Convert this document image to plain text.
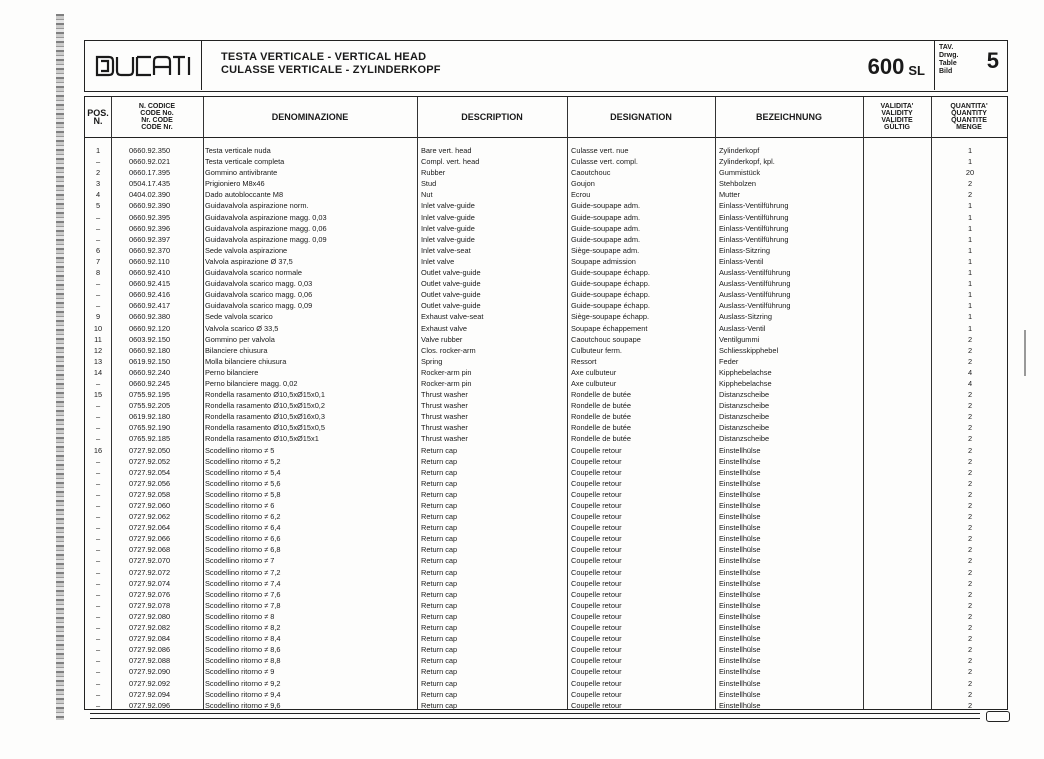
TESTA VERTICALE - VERTICAL HEAD
CULASSE VERTICALE - ZYLINDERKOPF	600 SL
TAV.
Drwg.
Table
Bild 5
POS.
N.
N. CODICE
CODE No.
Nr. CODE
CODE Nr.
DENOMINAZIONE	DESCRIPTION	DESIGNATION	BEZEICHNUNG
VALIDITA'
VALIDITY
VALIDITE
GÜLTIG
QUANTITA'
QUANTITY
QUANTITE
MENGE
1	0660.92.350	Testa verticale nuda	Bare vert. head	Culasse vert. nue	Zylinderkopf	1
–	0660.92.021	Testa verticale completa	Compl. vert. head	Culasse vert. compl.	Zylinderkopf, kpl.	1
2	0660.17.395	Gommino antivibrante	Rubber	Caoutchouc	Gummistück	20
3	0504.17.435	Prigioniero M8x46	Stud	Goujon	Stehbolzen	2
4	0404.02.390	Dado autobloccante M8	Nut	Ecrou	Mutter	2
5	0660.92.390	Guidavalvola aspirazione norm.	Inlet valve-guide	Guide-soupape adm.	Einlass-Ventilführung	1
–	0660.92.395	Guidavalvola aspirazione magg. 0,03	Inlet valve-guide	Guide-soupape adm.	Einlass-Ventilführung	1
–	0660.92.396	Guidavalvola aspirazione magg. 0,06	Inlet valve-guide	Guide-soupape adm.	Einlass-Ventilführung	1
–	0660.92.397	Guidavalvola aspirazione magg. 0,09	Inlet valve-guide	Guide-soupape adm.	Einlass-Ventilführung	1
6	0660.92.370	Sede valvola aspirazione	Inlet valve-seat	Siège-soupape adm.	Einlass-Sitzring	1
7	0660.92.110	Valvola aspirazione Ø 37,5	Inlet valve	Soupape admission	Einlass-Ventil	1
8	0660.92.410	Guidavalvola scarico normale	Outlet valve-guide	Guide-soupape échapp.	Auslass-Ventilführung	1
–	0660.92.415	Guidavalvola scarico magg. 0,03	Outlet valve-guide	Guide-soupape échapp.	Auslass-Ventilführung	1
–	0660.92.416	Guidavalvola scarico magg. 0,06	Outlet valve-guide	Guide-soupape échapp.	Auslass-Ventilführung	1
–	0660.92.417	Guidavalvola scarico magg. 0,09	Outlet valve-guide	Guide-soupape échapp.	Auslass-Ventilführung	1
9	0660.92.380	Sede valvola scarico	Exhaust valve-seat	Siège-soupape échapp.	Auslass-Sitzring	1
10	0660.92.120	Valvola scarico Ø 33,5	Exhaust valve	Soupape échappement	Auslass-Ventil	1
11	0603.92.150	Gommino per valvola	Valve rubber	Caoutchouc soupape	Ventilgummi	2
12	0660.92.180	Bilanciere chiusura	Clos. rocker-arm	Culbuteur ferm.	Schliesskipphebel	2
13	0619.92.150	Molla bilanciere chiusura	Spring	Ressort	Feder	2
14	0660.92.240	Perno bilanciere	Rocker-arm pin	Axe culbuteur	Kipphebelachse	4
–	0660.92.245	Perno bilanciere magg. 0,02	Rocker-arm pin	Axe culbuteur	Kipphebelachse	4
15	0755.92.195	Rondella rasamento Ø10,5xØ15x0,1	Thrust washer	Rondelle de butée	Distanzscheibe	2
–	0755.92.205	Rondella rasamento Ø10,5xØ15x0,2	Thrust washer	Rondelle de butée	Distanzscheibe	2
–	0619.92.180	Rondella rasamento Ø10,5xØ16x0,3	Thrust washer	Rondelle de butée	Distanzscheibe	2
–	0765.92.190	Rondella rasamento Ø10,5xØ15x0,5	Thrust washer	Rondelle de butée	Distanzscheibe	2
–	0765.92.185	Rondella rasamento Ø10,5xØ15x1	Thrust washer	Rondelle de butée	Distanzscheibe	2
16	0727.92.050	Scodellino ritorno ≠ 5	Return cap	Coupelle retour	Einstellhülse	2
–	0727.92.052	Scodellino ritorno ≠ 5,2	Return cap	Coupelle retour	Einstellhülse	2
–	0727.92.054	Scodellino ritorno ≠ 5,4	Return cap	Coupelle retour	Einstellhülse	2
–	0727.92.056	Scodellino ritorno ≠ 5,6	Return cap	Coupelle retour	Einstellhülse	2
–	0727.92.058	Scodellino ritorno ≠ 5,8	Return cap	Coupelle retour	Einstellhülse	2
–	0727.92.060	Scodellino ritorno ≠ 6	Return cap	Coupelle retour	Einstellhülse	2
–	0727.92.062	Scodellino ritorno ≠ 6,2	Return cap	Coupelle retour	Einstellhülse	2
–	0727.92.064	Scodellino ritorno ≠ 6,4	Return cap	Coupelle retour	Einstellhülse	2
–	0727.92.066	Scodellino ritorno ≠ 6,6	Return cap	Coupelle retour	Einstellhülse	2
–	0727.92.068	Scodellino ritorno ≠ 6,8	Return cap	Coupelle retour	Einstellhülse	2
–	0727.92.070	Scodellino ritorno ≠ 7	Return cap	Coupelle retour	Einstellhülse	2
–	0727.92.072	Scodellino ritorno ≠ 7,2	Return cap	Coupelle retour	Einstellhülse	2
–	0727.92.074	Scodellino ritorno ≠ 7,4	Return cap	Coupelle retour	Einstellhülse	2
–	0727.92.076	Scodellino ritorno ≠ 7,6	Return cap	Coupelle retour	Einstellhülse	2
–	0727.92.078	Scodellino ritorno ≠ 7,8	Return cap	Coupelle retour	Einstellhülse	2
–	0727.92.080	Scodellino ritorno ≠ 8	Return cap	Coupelle retour	Einstellhülse	2
–	0727.92.082	Scodellino ritorno ≠ 8,2	Return cap	Coupelle retour	Einstellhülse	2
–	0727.92.084	Scodellino ritorno ≠ 8,4	Return cap	Coupelle retour	Einstellhülse	2
–	0727.92.086	Scodellino ritorno ≠ 8,6	Return cap	Coupelle retour	Einstellhülse	2
–	0727.92.088	Scodellino ritorno ≠ 8,8	Return cap	Coupelle retour	Einstellhülse	2
–	0727.92.090	Scodellino ritorno ≠ 9	Return cap	Coupelle retour	Einstellhülse	2
–	0727.92.092	Scodellino ritorno ≠ 9,2	Return cap	Coupelle retour	Einstellhülse	2
–	0727.92.094	Scodellino ritorno ≠ 9,4	Return cap	Coupelle retour	Einstellhülse	2
–	0727.92.096	Scodellino ritorno ≠ 9,6	Return cap	Coupelle retour	Einstellhülse	2
